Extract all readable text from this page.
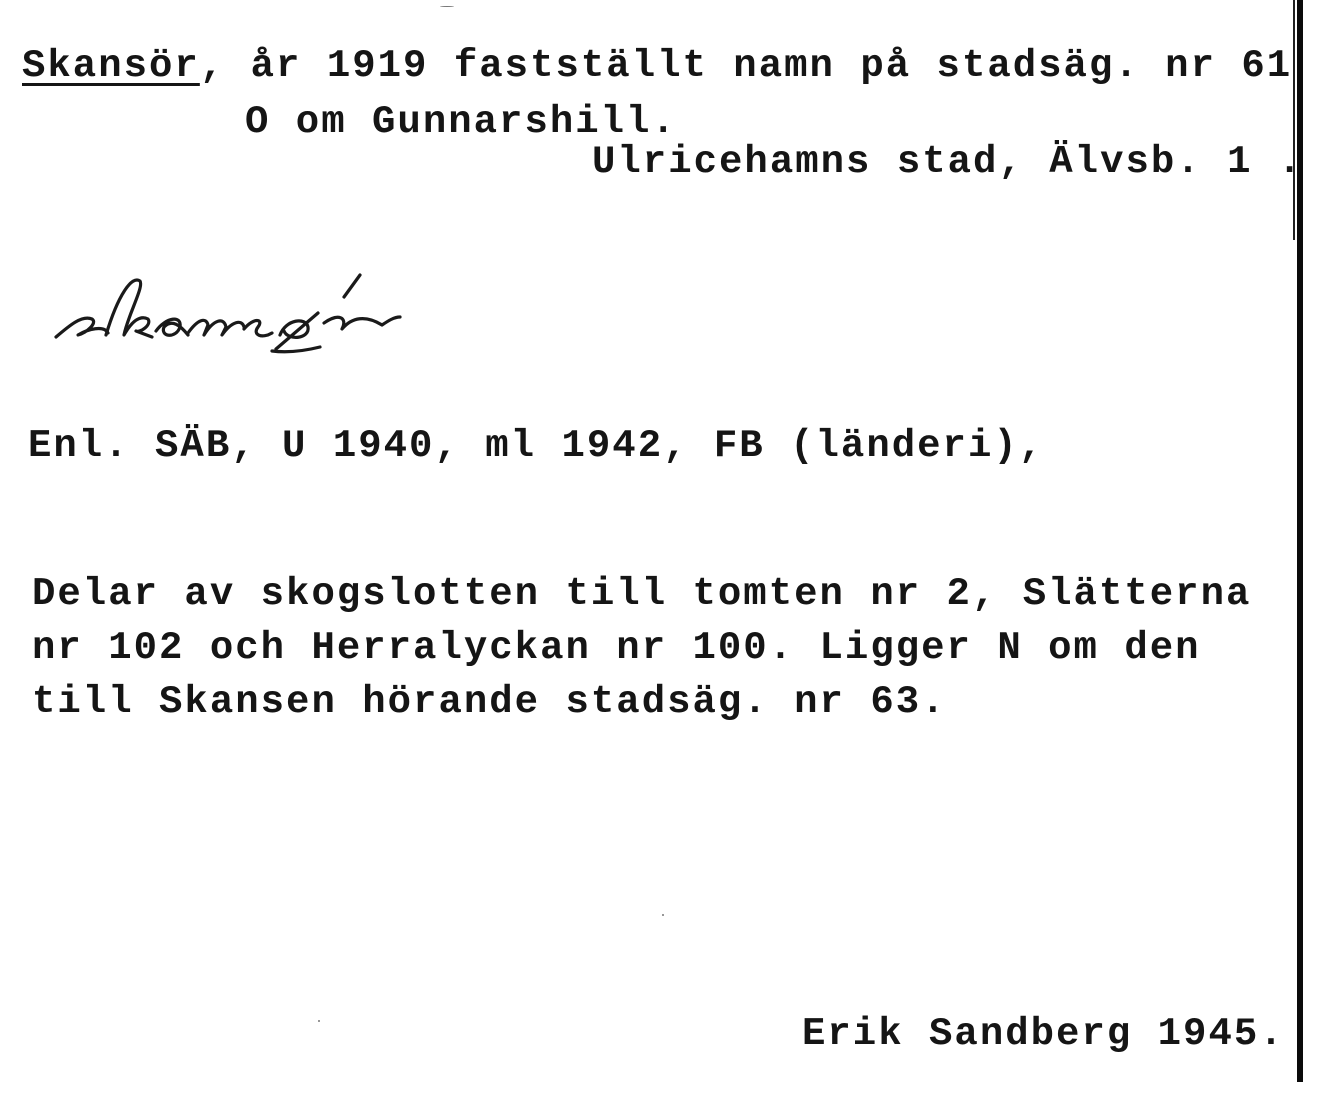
Skansör, år 1919 fastställt namn på stadsäg. nr 61
O om Gunnarshill.
Ulricehamns stad, Älvsb. 1 .
Enl. SÄB, U 1940, ml 1942, FB (länderi),
Delar av skogslotten till tomten nr 2, Slätterna
nr 102 och Herralyckan nr 100. Ligger N om den
till Skansen hörande stadsäg. nr 63.
Erik Sandberg 1945.
